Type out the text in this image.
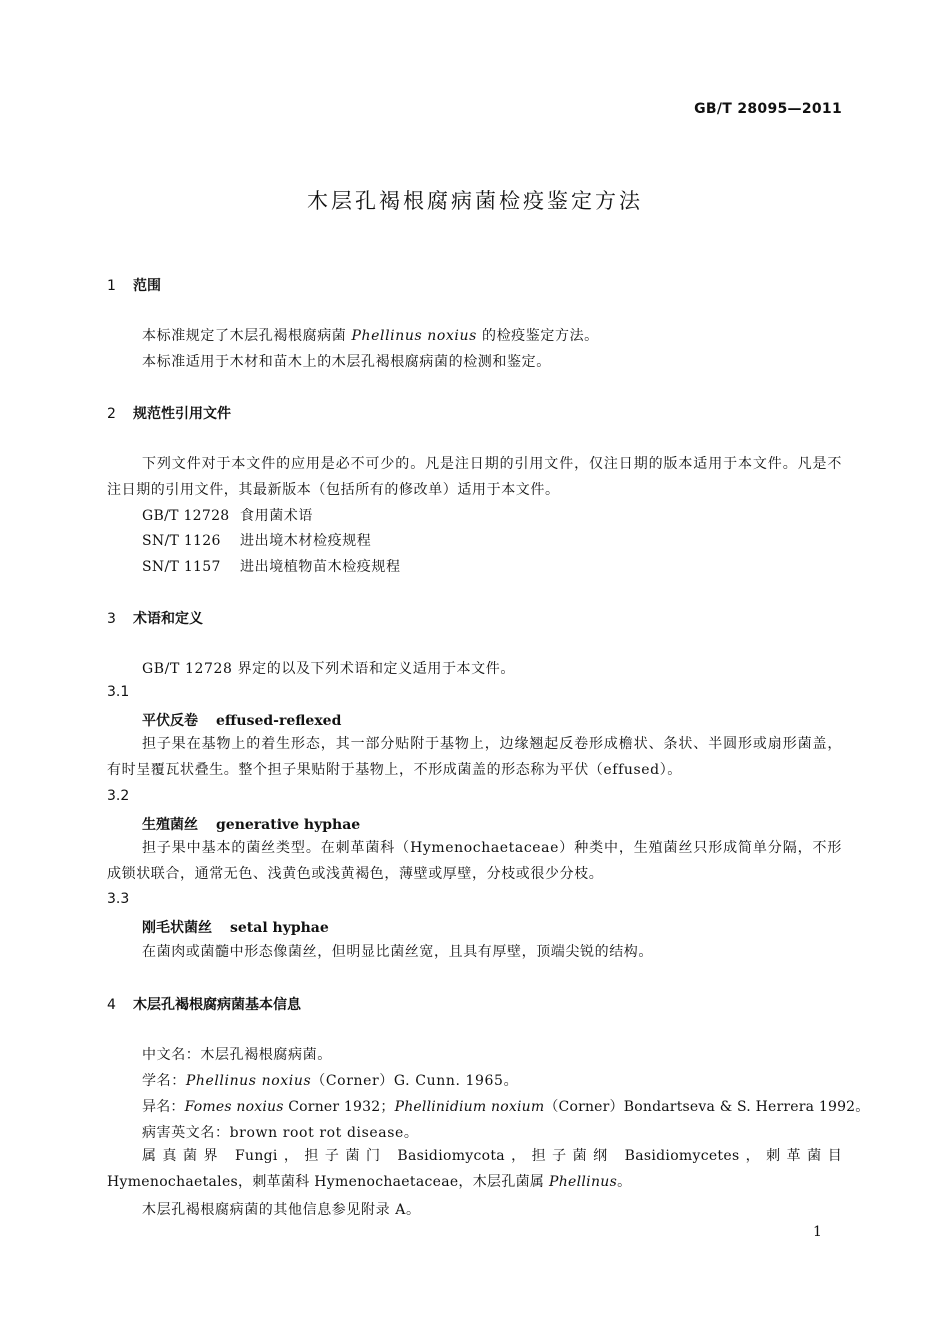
GB/T 28095—2011
木层孔褐根腐病菌检疫鉴定方法
1 范围
本标准规定了木层孔褐根腐病菌 Phellinus noxius 的检疫鉴定方法。
本标准适用于木材和苗木上的木层孔褐根腐病菌的检测和鉴定。
2 规范性引用文件
下列文件对于本文件的应用是必不可少的。凡是注日期的引用文件，仅注日期的版本适用于本文件。凡是不注日期的引用文件，其最新版本（包括所有的修改单）适用于本文件。
GB/T 12728 食用菌术语
SN/T 1126 进出境木材检疫规程
SN/T 1157 进出境植物苗木检疫规程
3 术语和定义
GB/T 12728 界定的以及下列术语和定义适用于本文件。
3.1
平伏反卷 effused-reflexed
担子果在基物上的着生形态，其一部分贴附于基物上，边缘翘起反卷形成檐状、条状、半圆形或扇形菌盖，有时呈覆瓦状叠生。整个担子果贴附于基物上，不形成菌盖的形态称为平伏（effused）。
3.2
生殖菌丝 generative hyphae
担子果中基本的菌丝类型。在刺革菌科（Hymenochaetaceae）种类中，生殖菌丝只形成简单分隔，不形成锁状联合，通常无色、浅黄色或浅黄褐色，薄壁或厚壁，分枝或很少分枝。
3.3
刚毛状菌丝 setal hyphae
在菌肉或菌髓中形态像菌丝，但明显比菌丝宽，且具有厚壁，顶端尖锐的结构。
4 木层孔褐根腐病菌基本信息
中文名：木层孔褐根腐病菌。
学名：Phellinus noxius（Corner）G. Cunn. 1965。
异名：Fomes noxius Corner 1932；Phellinidium noxium（Corner）Bondartseva & S. Herrera 1992。
病害英文名：brown root rot disease。
属真菌界 Fungi，担子菌门 Basidiomycota，担子菌纲 Basidiomycetes，刺革菌目 Hymenochaetales，刺革菌科 Hymenochaetaceae，木层孔菌属 Phellinus。
木层孔褐根腐病菌的其他信息参见附录 A。
1
